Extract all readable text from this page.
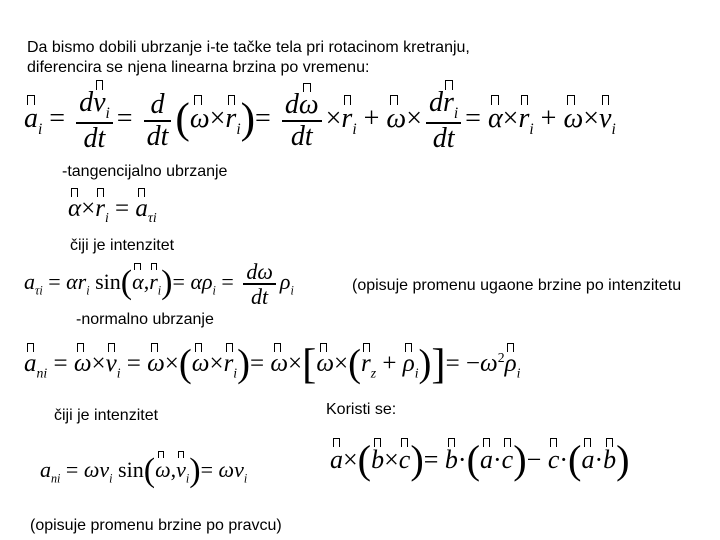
Da bismo dobili ubrzanje i-te tačke tela pri rotacinom kretranju,
diferencira se njena linearna brzina po vremenu:
$a_i = \frac{dv_i}{dt} = \frac{d}{dt} (\omega\times r_i)= \frac{d\omega}{dt} \times r_i + \omega\times \frac{dr_i}{dt} = \alpha\times r_i + \omega\times v_i$
-tangencijalno ubrzanje
$\alpha\times r_i = a_{\tau i}$
čiji je intenzitet
$a_{\tau i} = \alpha r_i$ $\sin(\alpha,r_i)= \alpha\rho_i = \frac{d\omega}{dt} \rho_i$	(opisuje promenu ugaone brzine po intenzitetu
-normalno ubrzanje
$a_{ni} = \omega\times v_i = \omega\times(\omega\times r_i)= \omega\times[\omega\times(r_z + \rho_i)]= -\omega^2\rho_i$
čiji je intenzitet	Koristi se:
a×(b×c)= b·(a·c)− c·(a·b)
$a_{ni} = \omega v_i$ $\sin(\omega,v_i)= \omega v_i$
(opisuje promenu brzine po pravcu)
